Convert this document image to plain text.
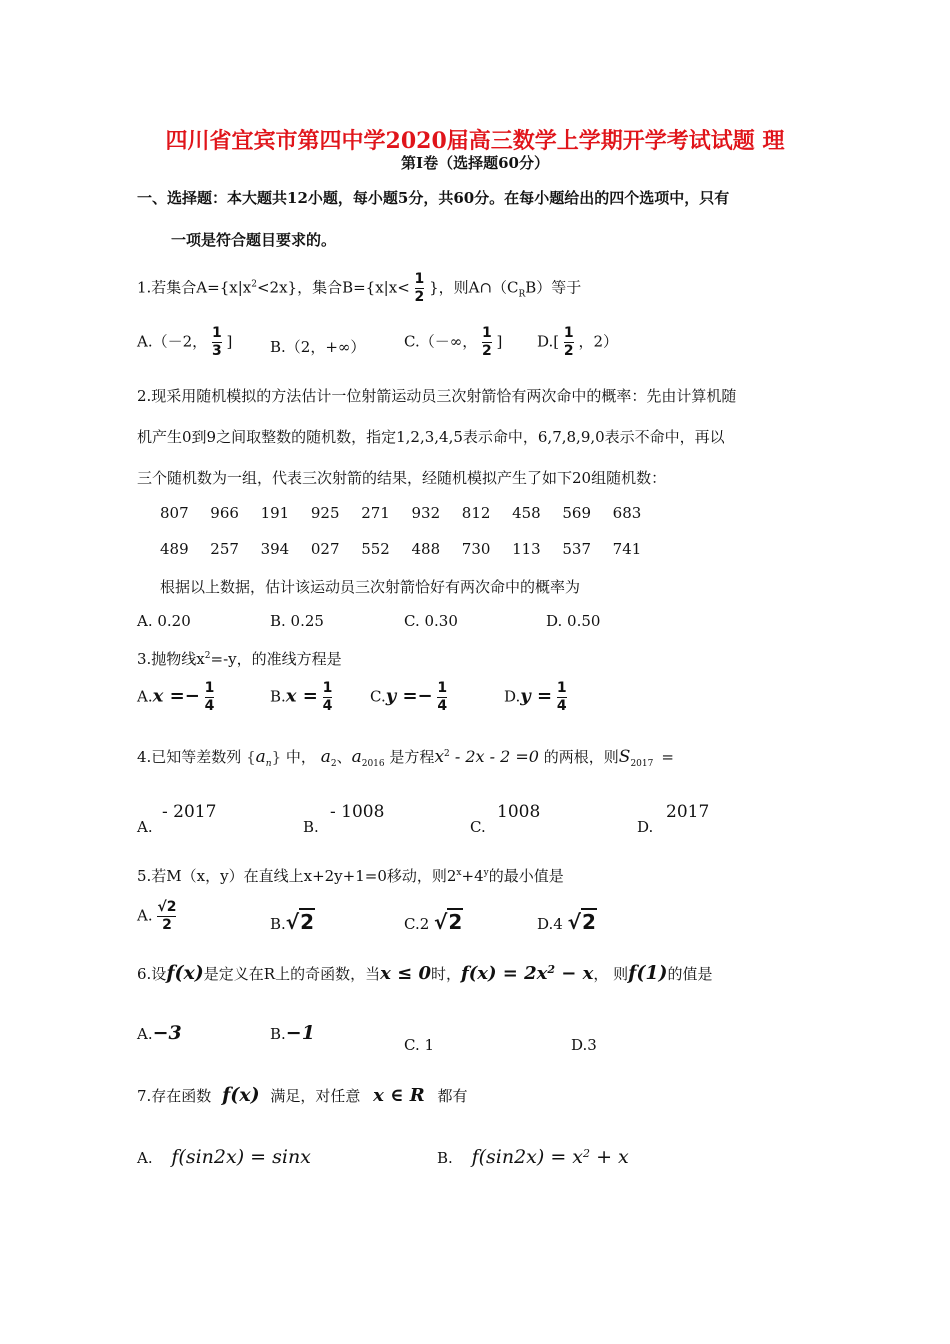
四川省宜宾市第四中学2020届高三数学上学期开学考试试题 理
第Ⅰ卷（选择题60分）
一、选择题：本大题共12小题，每小题5分，共60分。在每小题给出的四个选项中，只有
一项是符合题目要求的。
1.若集合$A=\{x|x^2<2x\}$，集合$B=\{x|x< \frac{1}{2}$ }，则$A\cap(C_RB)$等于
A.（－2， $\frac{1}{3}$ ]	B.（2，+∞）	C.（－∞， $\frac{1}{2}$ ] $D.[ \frac{1}{2}$ ，2）
2.现采用随机模拟的方法估计一位射箭运动员三次射箭恰有两次命中的概率：先由计算机随
机产生0到9之间取整数的随机数，指定1,2,3,4,5表示命中，6,7,8,9,0表示不命中，再以
三个随机数为一组，代表三次射箭的结果，经随机模拟产生了如下20组随机数：
807	966	191	925	271	932	812	458	569	683
489	257	394	027	552	488	730	113	537	741
根据以上数据，估计该运动员三次射箭恰好有两次命中的概率为
A. 0.20	B. 0.25	C. 0.30	D. 0.50
3.抛物线$x^2=-y$，的准线方程是
$A.x =- \frac{1}{4}$	$B.x = \frac{1}{4}$	$C.y =- \frac{1}{4}$	$D.y = \frac{1}{4}$
4.已知等差数列 $\{a_n\}$ 中， $a_2$、$a_{2016}$ 是方程$x^2 - 2x - 2 =0$ 的两根，则$S_{2017}$ =
A.
- 2017
B.
- 1008
C.
1008
D.
2017
5.若M（x，y）在直线上x+2y+1=0移动，则$2^x+4^y$的最小值是
A. $\frac{√2}{2}$	B.√2	C.2 √2	D.4 √2
6.设f(x)是定义在R上的奇函数，当x ≤ 0时，$f(x) = 2x^2 - x$， 则f(1)的值是
A.−3	B.−1
C. 1	D.3
7.存在函数 f(x) 满足，对任意 x ∈ R 都有
A. f(sin2x) = sinx	B. $f(\sin 2x) = x^2 + x$
